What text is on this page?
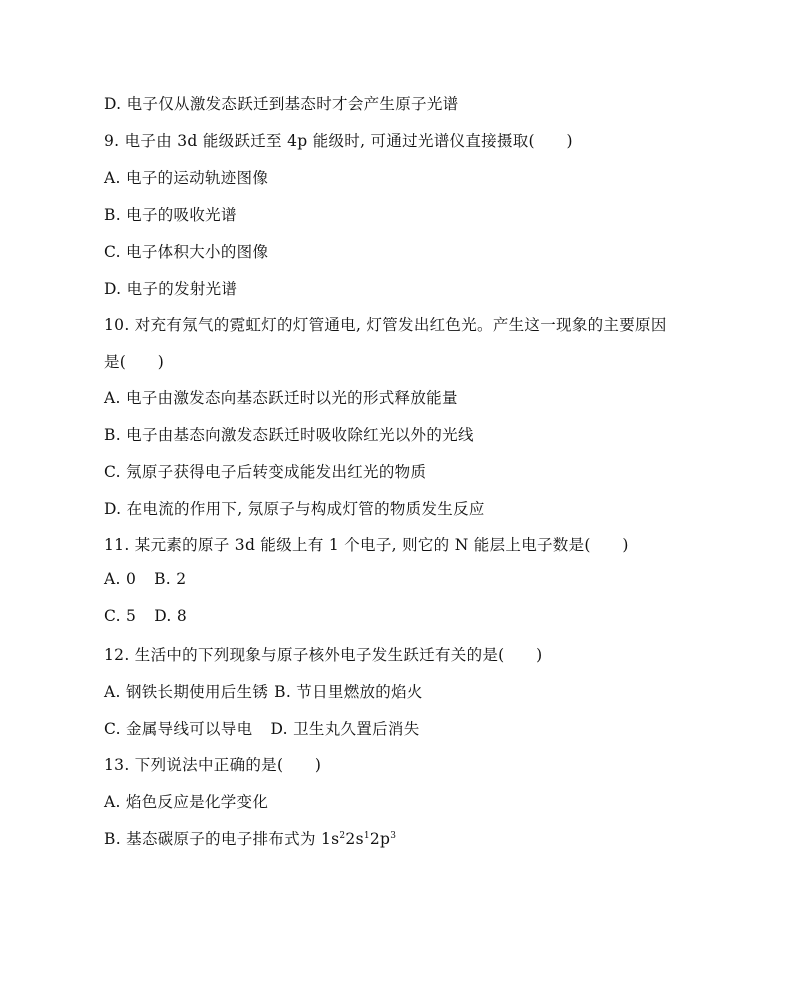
D. 电子仅从激发态跃迁到基态时才会产生原子光谱
9. 电子由 3d 能级跃迁至 4p 能级时, 可通过光谱仪直接摄取(　　)
A. 电子的运动轨迹图像
B. 电子的吸收光谱
C. 电子体积大小的图像
D. 电子的发射光谱
10. 对充有氖气的霓虹灯的灯管通电, 灯管发出红色光。产生这一现象的主要原因
是(　　)
A. 电子由激发态向基态跃迁时以光的形式释放能量
B. 电子由基态向激发态跃迁时吸收除红光以外的光线
C. 氖原子获得电子后转变成能发出红光的物质
D. 在电流的作用下, 氖原子与构成灯管的物质发生反应
11. 某元素的原子 3d 能级上有 1 个电子, 则它的 N 能层上电子数是(　　)
A. 0 B. 2
C. 5 D. 8
12. 生活中的下列现象与原子核外电子发生跃迁有关的是(　　)
A. 钢铁长期使用后生锈 B. 节日里燃放的焰火
C. 金属导线可以导电 D. 卫生丸久置后消失
13. 下列说法中正确的是(　　)
A. 焰色反应是化学变化
B. 基态碳原子的电子排布式为 $1s^22s^12p^3$
